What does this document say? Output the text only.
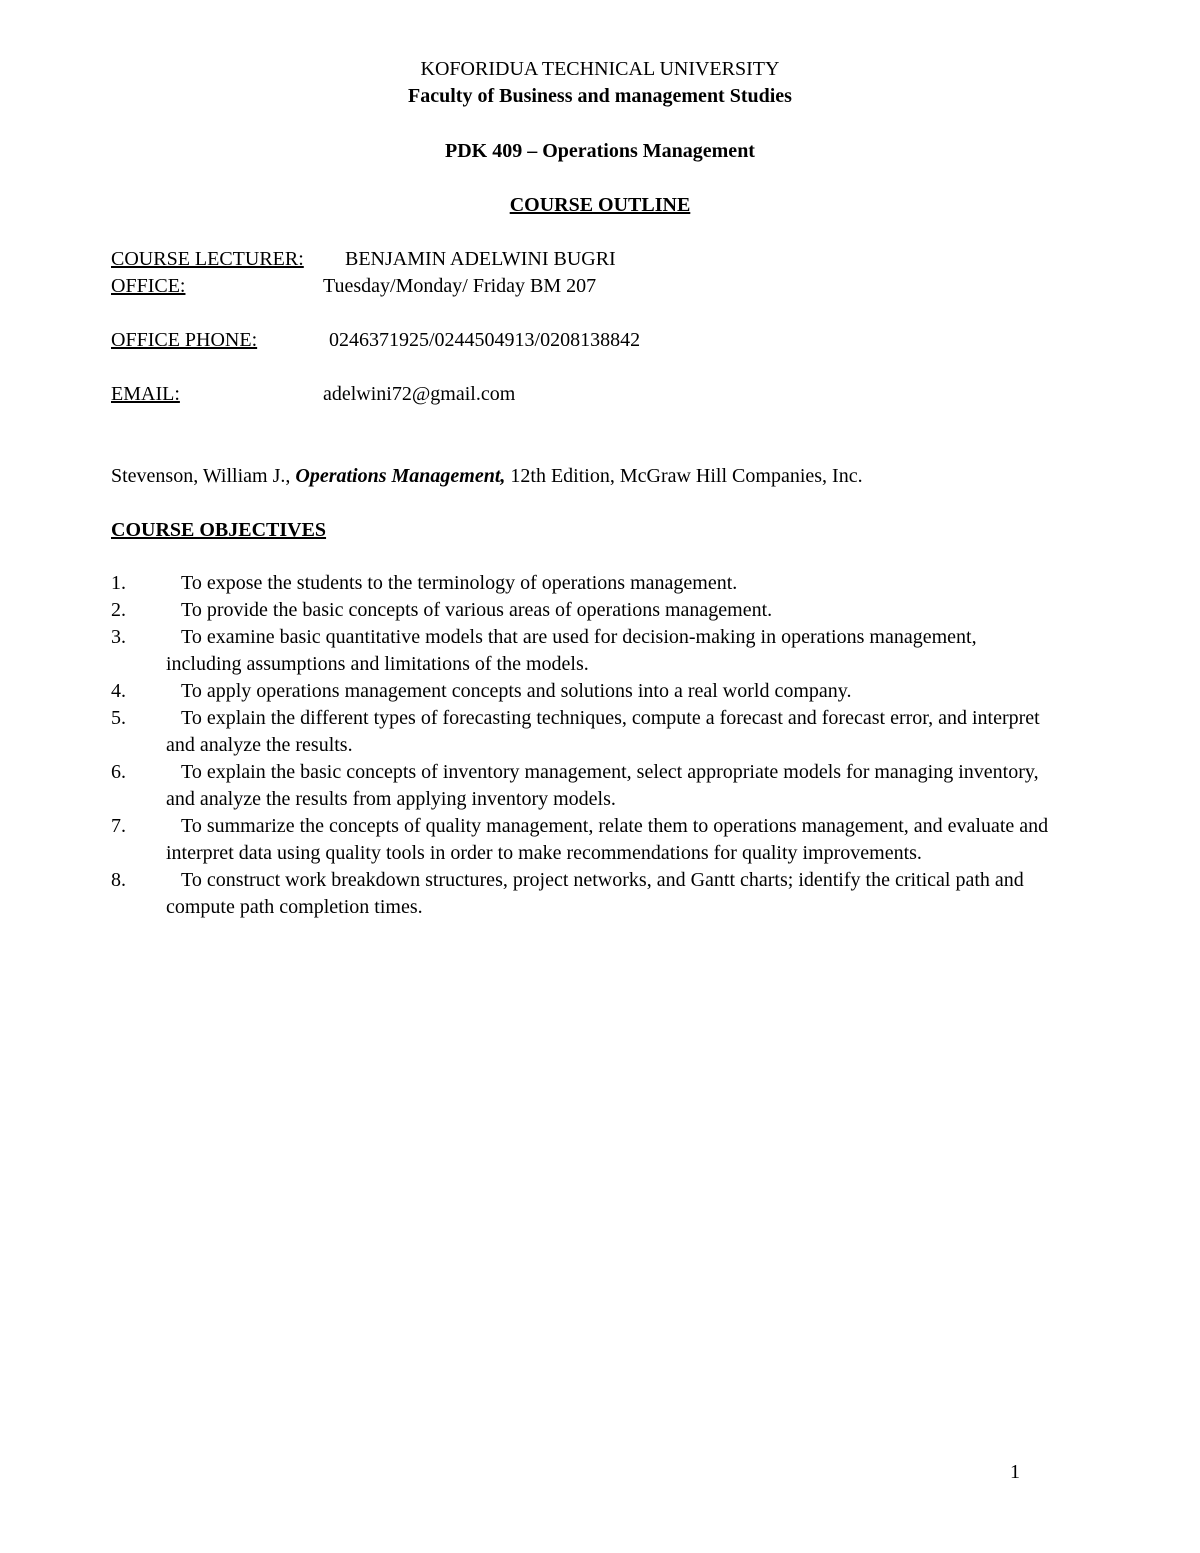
KOFORIDUA TECHNICAL UNIVERSITY
Faculty of Business and management Studies
PDK 409 – Operations Management
COURSE OUTLINE
COURSE LECTURER: BENJAMIN ADELWINI BUGRI
OFFICE:	Tuesday/Monday/ Friday BM 207
OFFICE PHONE:	0246371925/0244504913/0208138842
EMAIL:	adelwini72@gmail.com
Stevenson, William J., Operations Management, 12th Edition, McGraw Hill Companies, Inc.
COURSE OBJECTIVES
1.	To expose the students to the terminology of operations management.
2.	To provide the basic concepts of various areas of operations management.
3.	To examine basic quantitative models that are used for decision-making in operations management, including assumptions and limitations of the models.
4.	To apply operations management concepts and solutions into a real world company.
5.	To explain the different types of forecasting techniques, compute a forecast and forecast error, and interpret and analyze the results.
6.	To explain the basic concepts of inventory management, select appropriate models for managing inventory, and analyze the results from applying inventory models.
7.	To summarize the concepts of quality management, relate them to operations management, and evaluate and interpret data using quality tools in order to make recommendations for quality improvements.
8.	To construct work breakdown structures, project networks, and Gantt charts; identify the critical path and compute path completion times.
1
